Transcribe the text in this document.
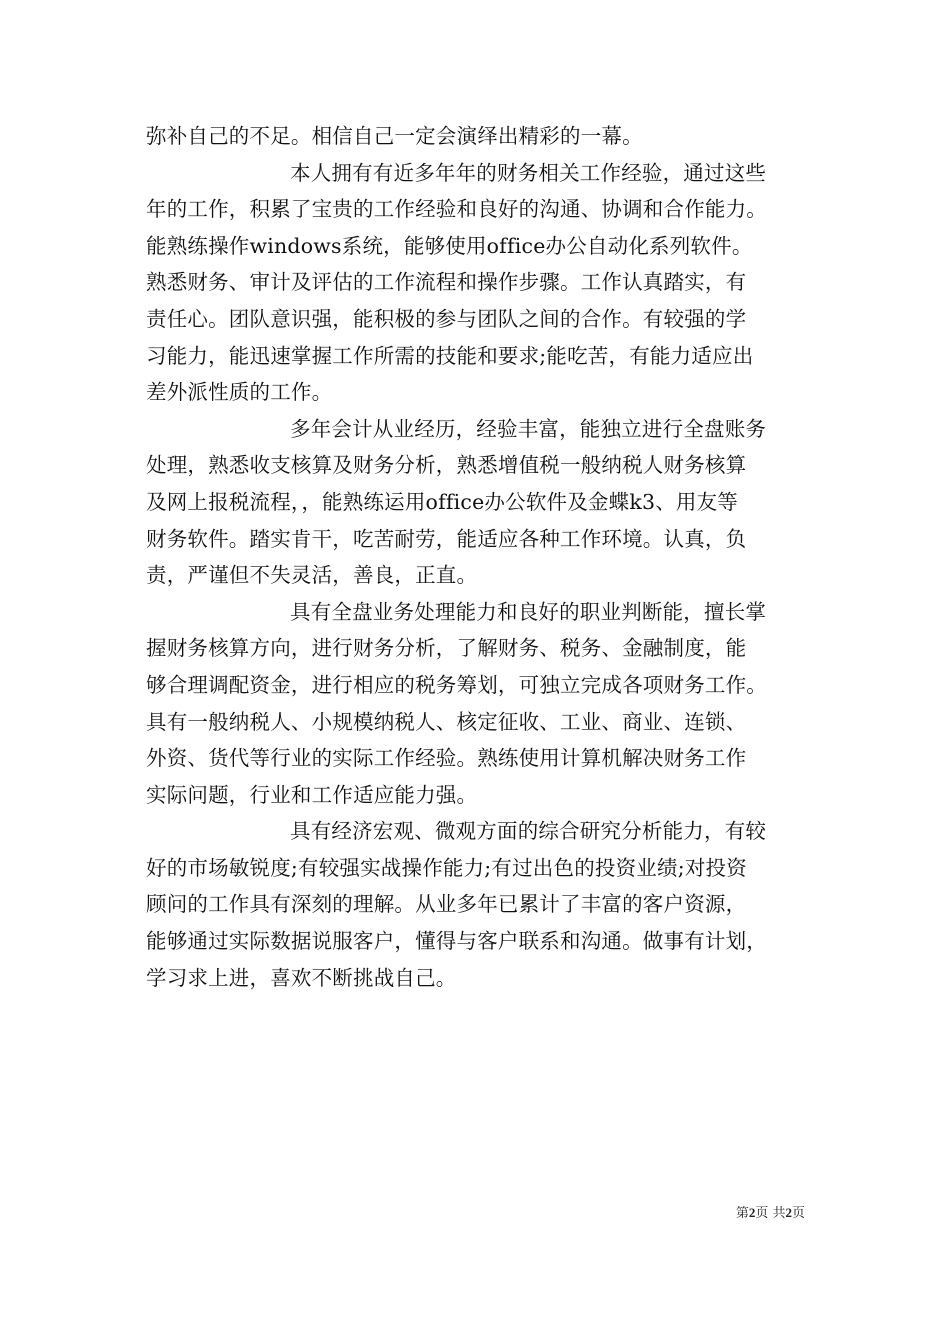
弥补自己的不足。相信自己一定会演绎出精彩的一幕。
本人拥有有近多年年的财务相关工作经验，通过这些
年的工作，积累了宝贵的工作经验和良好的沟通、协调和合作能力。
能熟练操作windows系统，能够使用office办公自动化系列软件。
熟悉财务、审计及评估的工作流程和操作步骤。工作认真踏实，有
责任心。团队意识强，能积极的参与团队之间的合作。有较强的学
习能力，能迅速掌握工作所需的技能和要求;能吃苦，有能力适应出
差外派性质的工作。
多年会计从业经历，经验丰富，能独立进行全盘账务
处理，熟悉收支核算及财务分析，熟悉增值税一般纳税人财务核算
及网上报税流程，，能熟练运用office办公软件及金蝶k3、用友等
财务软件。踏实肯干，吃苦耐劳，能适应各种工作环境。认真，负
责，严谨但不失灵活，善良，正直。
具有全盘业务处理能力和良好的职业判断能，擅长掌
握财务核算方向，进行财务分析，了解财务、税务、金融制度，能
够合理调配资金，进行相应的税务筹划，可独立完成各项财务工作。
具有一般纳税人、小规模纳税人、核定征收、工业、商业、连锁、
外资、货代等行业的实际工作经验。熟练使用计算机解决财务工作
实际问题，行业和工作适应能力强。
具有经济宏观、微观方面的综合研究分析能力，有较
好的市场敏锐度;有较强实战操作能力;有过出色的投资业绩;对投资
顾问的工作具有深刻的理解。从业多年已累计了丰富的客户资源，
能够通过实际数据说服客户，懂得与客户联系和沟通。做事有计划，
学习求上进，喜欢不断挑战自己。
第2页 共2页
